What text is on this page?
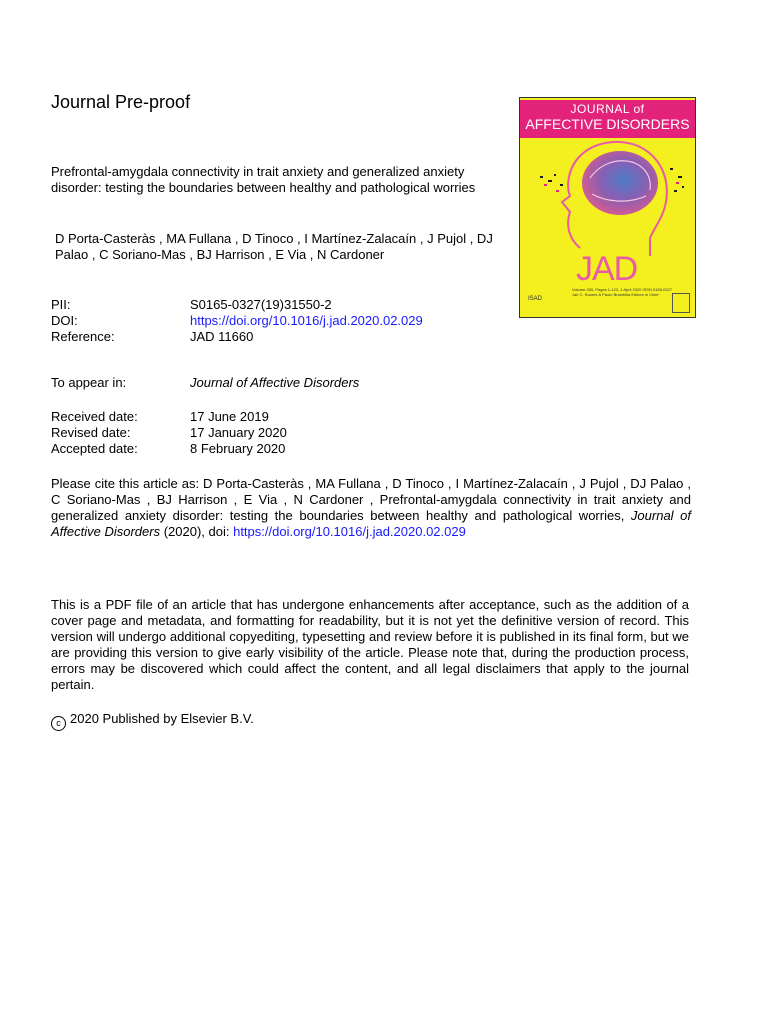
Journal Pre-proof
Prefrontal-amygdala connectivity in trait anxiety and generalized anxiety disorder: testing the boundaries between healthy and pathological worries
D Porta-Casteràs , MA Fullana , D Tinoco , I Martínez-Zalacaín , J Pujol , DJ Palao , C Soriano-Mas , BJ Harrison , E Via , N Cardoner
PII:	S0165-0327(19)31550-2
DOI:	https://doi.org/10.1016/j.jad.2020.02.029
Reference:	JAD 11660
To appear in:	Journal of Affective Disorders
Received date:	17 June 2019
Revised date:	17 January 2020
Accepted date:	8 February 2020
Please cite this article as: D Porta-Casteràs , MA Fullana , D Tinoco , I Martínez-Zalacaín , J Pujol , DJ Palao , C Soriano-Mas , BJ Harrison , E Via , N Cardoner , Prefrontal-amygdala connectivity in trait anxiety and generalized anxiety disorder: testing the boundaries between healthy and pathological worries, Journal of Affective Disorders (2020), doi: https://doi.org/10.1016/j.jad.2020.02.029
This is a PDF file of an article that has undergone enhancements after acceptance, such as the addition of a cover page and metadata, and formatting for readability, but it is not yet the definitive version of record. This version will undergo additional copyediting, typesetting and review before it is published in its final form, but we are providing this version to give early visibility of the article. Please note that, during the production process, errors may be discovered which could affect the content, and all legal disclaimers that apply to the journal pertain.
c 2020 Published by Elsevier B.V.
JOURNAL of
AFFECTIVE DISORDERS
JAD
Volume 255, Pages 1-123, 1 April 2020 ISSN 0165-0327
Jair C. Soares & Paolo Brambilla Editors in Chief
ISAD
